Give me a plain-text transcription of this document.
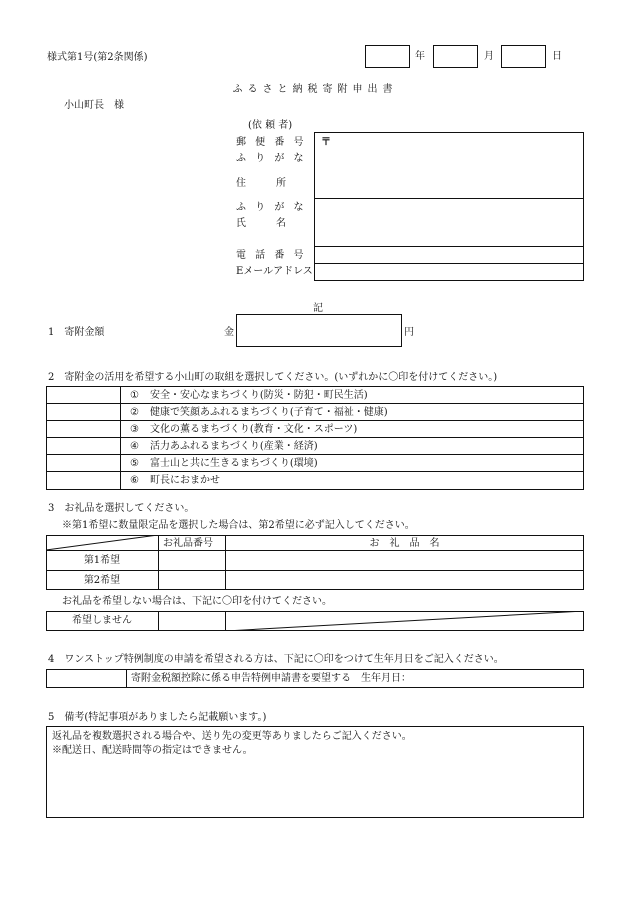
様式第1号(第2条関係)	年	月	日
ふるさと納税寄附申出書
小山町長　様
(依 頼 者)
郵 便 番 号 〒
ふ り が な
住　　　所
ふ り が な
氏　　　名
電 話 番 号
Eメールアドレス
記
1　寄附金額	金	円
2　寄附金の活用を希望する小山町の取組を選択してください。(いずれかに〇印を付けてください。)
① 安全・安心なまちづくり(防災・防犯・町民生活)
② 健康で笑顔あふれるまちづくり(子育て・福祉・健康)
③ 文化の薫るまちづくり(教育・文化・スポーツ)
④ 活力あふれるまちづくり(産業・経済)
⑤ 富士山と共に生きるまちづくり(環境)
⑥ 町長におまかせ
3　お礼品を選択してください。
※第1希望に数量限定品を選択した場合は、第2希望に必ず記入してください。
お礼品番号	お　礼　品　名
第1希望
第2希望
お礼品を希望しない場合は、下記に〇印を付けてください。
希望しません
4　ワンストップ特例制度の申請を希望される方は、下記に〇印をつけて生年月日をご記入ください。
寄附金税額控除に係る申告特例申請書を要望する　生年月日：
5　備考(特記事項がありましたら記載願います。)
返礼品を複数選択される場合や、送り先の変更等ありましたらご記入ください。
※配送日、配送時間等の指定はできません。
